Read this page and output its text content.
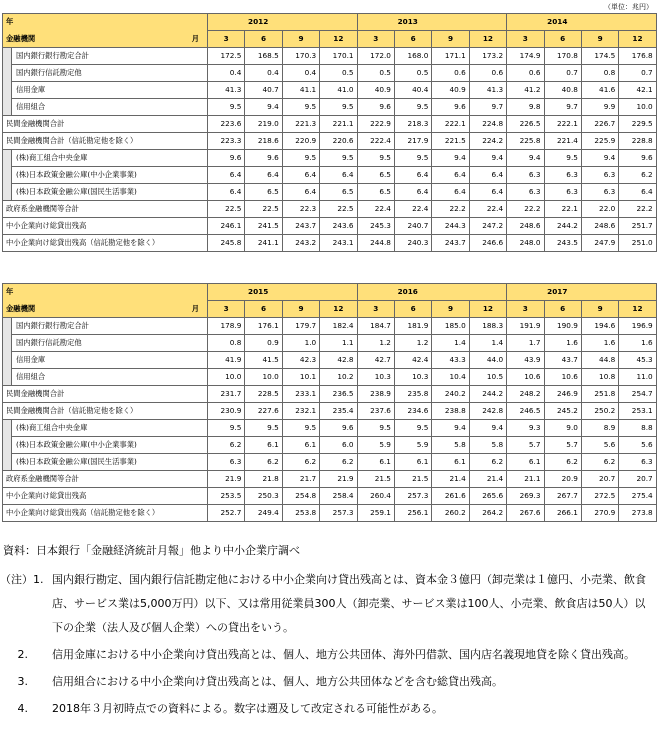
（単位：兆円）
年
金融機関 月		2012				2013				2014			
		3	6	9	12	3	6	9	12	3	6	9	12
	国内銀行銀行勘定合計	172.5	168.5	170.3	170.1	172.0	168.0	171.1	173.2	174.9	170.8	174.5	176.8
	国内銀行信託勘定他	0.4	0.4	0.4	0.5	0.5	0.5	0.6	0.6	0.6	0.7	0.8	0.7
	信用金庫	41.3	40.7	41.1	41.0	40.9	40.4	40.9	41.3	41.2	40.8	41.6	42.1
	信用組合	9.5	9.4	9.5	9.5	9.6	9.5	9.6	9.7	9.8	9.7	9.9	10.0
民間金融機関合計		223.6	219.0	221.3	221.1	222.9	218.3	222.1	224.8	226.5	222.1	226.7	229.5
民間金融機関合計（信託勘定他を除く）		223.3	218.6	220.9	220.6	222.4	217.9	221.5	224.2	225.8	221.4	225.9	228.8
	(株)商工組合中央金庫	9.6	9.6	9.5	9.5	9.5	9.5	9.4	9.4	9.4	9.5	9.4	9.6
	(株)日本政策金融公庫(中小企業事業)	6.4	6.4	6.4	6.4	6.5	6.4	6.4	6.4	6.3	6.3	6.3	6.2
	(株)日本政策金融公庫(国民生活事業)	6.4	6.5	6.4	6.5	6.5	6.4	6.4	6.4	6.3	6.3	6.3	6.4
政府系金融機関等合計		22.5	22.5	22.3	22.5	22.4	22.4	22.2	22.4	22.2	22.1	22.0	22.2
中小企業向け総貸出残高		246.1	241.5	243.7	243.6	245.3	240.7	244.3	247.2	248.6	244.2	248.6	251.7
中小企業向け総貸出残高（信託勘定他を除く）		245.8	241.1	243.2	243.1	244.8	240.3	243.7	246.6	248.0	243.5	247.9	251.0
年
金融機関 月		2015				2016				2017			
		3	6	9	12	3	6	9	12	3	6	9	12
	国内銀行銀行勘定合計	178.9	176.1	179.7	182.4	184.7	181.9	185.0	188.3	191.9	190.9	194.6	196.9
	国内銀行信託勘定他	0.8	0.9	1.0	1.1	1.2	1.2	1.4	1.4	1.7	1.6	1.6	1.6
	信用金庫	41.9	41.5	42.3	42.8	42.7	42.4	43.3	44.0	43.9	43.7	44.8	45.3
	信用組合	10.0	10.0	10.1	10.2	10.3	10.3	10.4	10.5	10.6	10.6	10.8	11.0
民間金融機関合計		231.7	228.5	233.1	236.5	238.9	235.8	240.2	244.2	248.2	246.9	251.8	254.7
民間金融機関合計（信託勘定他を除く）		230.9	227.6	232.1	235.4	237.6	234.6	238.8	242.8	246.5	245.2	250.2	253.1
	(株)商工組合中央金庫	9.5	9.5	9.5	9.6	9.5	9.5	9.4	9.4	9.3	9.0	8.9	8.8
	(株)日本政策金融公庫(中小企業事業)	6.2	6.1	6.1	6.0	5.9	5.9	5.8	5.8	5.7	5.7	5.6	5.6
	(株)日本政策金融公庫(国民生活事業)	6.3	6.2	6.2	6.2	6.1	6.1	6.1	6.2	6.1	6.2	6.2	6.3
政府系金融機関等合計		21.9	21.8	21.7	21.9	21.5	21.5	21.4	21.4	21.1	20.9	20.7	20.7
中小企業向け総貸出残高		253.5	250.3	254.8	258.4	260.4	257.3	261.6	265.6	269.3	267.7	272.5	275.4
中小企業向け総貸出残高（信託勘定他を除く）		252.7	249.4	253.8	257.3	259.1	256.1	260.2	264.2	267.6	266.1	270.9	273.8
資料：日本銀行「金融経済統計月報」他より中小企業庁調べ
（注）1. 国内銀行勘定、国内銀行信託勘定他における中小企業向け貸出残高とは、資本金３億円（卸売業は１億円、小売業、飲食店、サービス業は5,000万円）以下、又は常用従業員300人（卸売業、サービス業は100人、小売業、飲食店は50人）以下の企業（法人及び個人企業）への貸出をいう。
2.	信用金庫における中小企業向け貸出残高とは、個人、地方公共団体、海外円借款、国内店名義現地貸を除く貸出残高。
3.	信用組合における中小企業向け貸出残高とは、個人、地方公共団体などを含む総貸出残高。
4.	2018年３月初時点での資料による。数字は遡及して改定される可能性がある。
